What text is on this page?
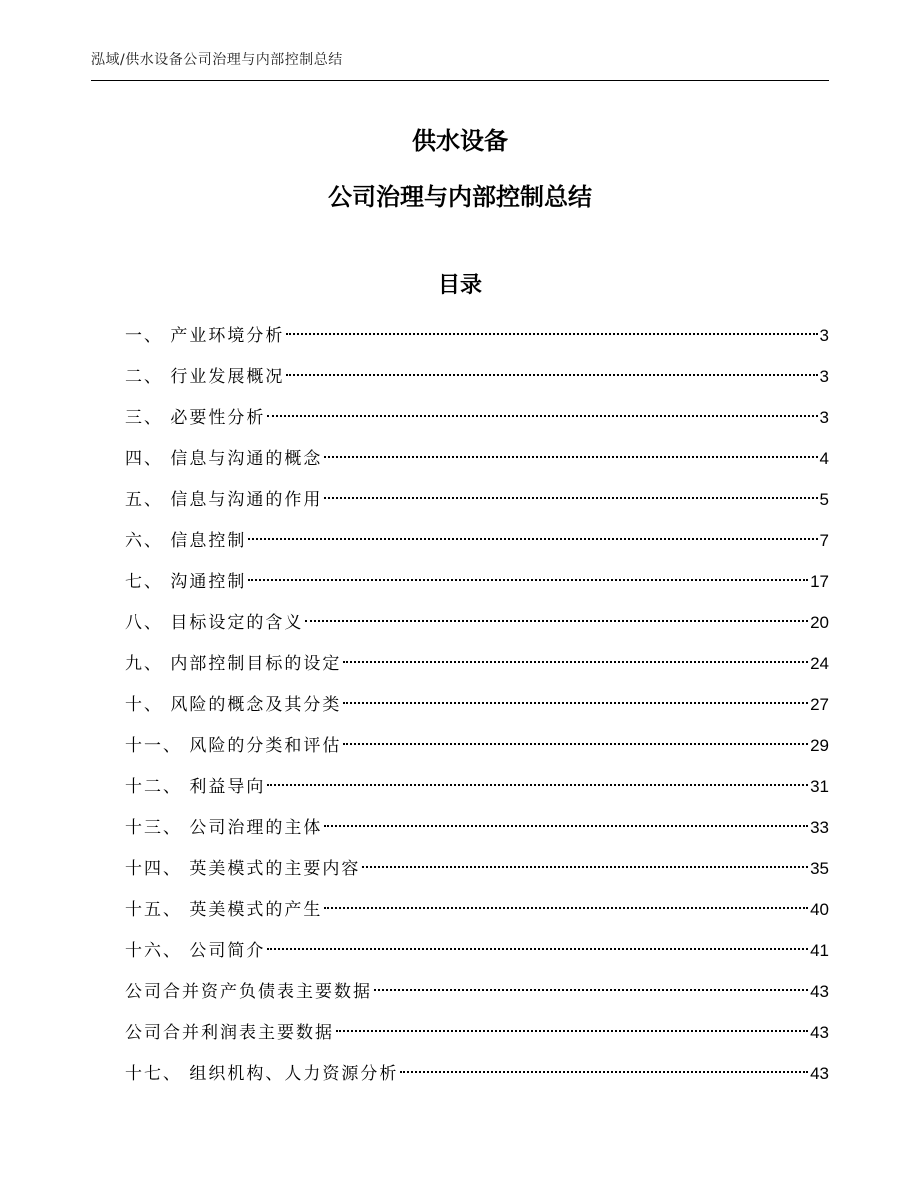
泓域/供水设备公司治理与内部控制总结
供水设备
公司治理与内部控制总结
目录
一、 产业环境分析	3
二、 行业发展概况	3
三、 必要性分析	3
四、 信息与沟通的概念	4
五、 信息与沟通的作用	5
六、 信息控制	7
七、 沟通控制	17
八、 目标设定的含义	20
九、 内部控制目标的设定	24
十、 风险的概念及其分类	27
十一、 风险的分类和评估	29
十二、 利益导向	31
十三、 公司治理的主体	33
十四、 英美模式的主要内容	35
十五、 英美模式的产生	40
十六、 公司简介	41
公司合并资产负债表主要数据	43
公司合并利润表主要数据	43
十七、 组织机构、人力资源分析	43
